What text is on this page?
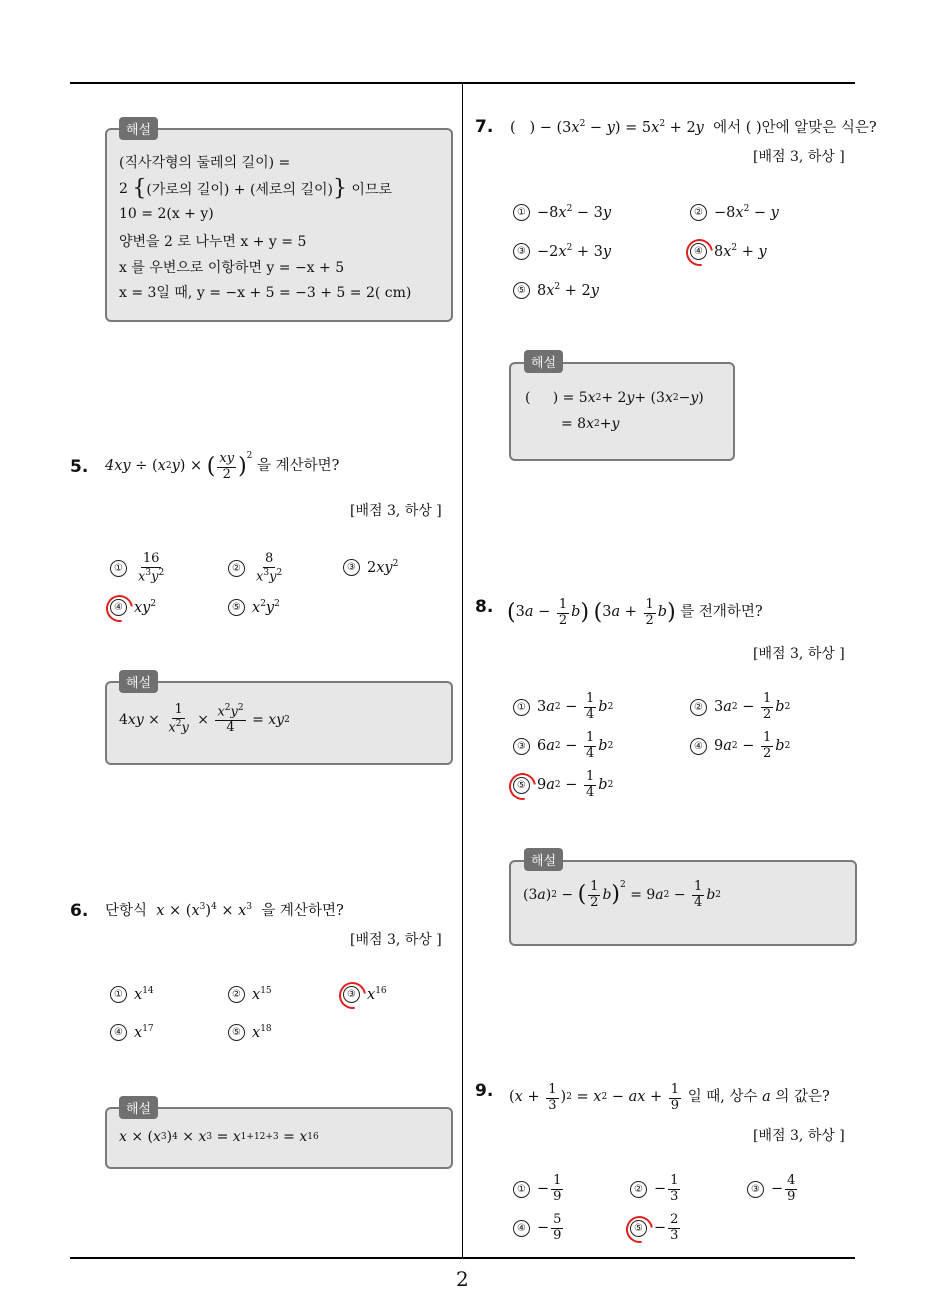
(직사각형의 둘레의 길이) =
2 { (가로의 길이) + (세로의 길이) } 이므로
10 = 2(x + y)
양변을 2 로 나누면 x + y = 5
x 를 우변으로 이항하면 y = −x + 5
x = 3일 때, y = −x + 5 = −3 + 5 = 2( cm)
해설
5. 4xy ÷ ( x 2 y ) × ( $\frac{xy}{2} )^2$

을 계산하면?
[배점 3, 하상 ]
①	$\frac{16}{x^3y^2}$	②	$\frac{8}{x^3y^2}$	③ $2xy^2$
④ $xy^2$	⑤ $x^2y^2$
4 xy × $\frac{1}{x^2y} \times \frac{x^2y^2}{4}$ = xy 2
해설
6. 단항식 $x \times (x^3)^4 \times x^3$ 을 계산하면?
[배점 3, 하상 ]
① $x^{14}$	② $x^{15}$	③ $x^{16}$
④ $x^{17}$	⑤ $x^{18}$
x × ( x 3 ) 4 × x 3 = x 1+12+3 = x 16
해설
7. (   ) − $(3x^2 - y) = 5x^2 + 2y$ 에서 ( )안에 알맞은 식은?
[배점 3, 하상 ]
① $-8x^2 - 3y$	② $-8x^2 - y$
③ $-2x^2 + 3y$	④ $8x^2 + y$
⑤ $8x^2 + 2y$
(     ) = 5 x 2 + 2 y + (3 x 2 − y )
= 8 x 2 + y
해설
8. ( 3 $a - \frac{1}{2}$ b )
( 3 $a + \frac{1}{2}$ b )
를 전개하면?
[배점 3, 하상 ]
① 3 a $2 - \frac{1}{4}$ b 2	② 3 a $2 - \frac{1}{2}$ b 2
③ 6 a $2 - \frac{1}{4}$ b 2	④ 9 a $2 - \frac{1}{2}$ b 2
⑤ 9 a $2 - \frac{1}{4}$ b 2
(3 a ) 2 − ( $\frac{1}{2}$ b )$^2$
= 9 a $2 - \frac{1}{4}$ b 2
해설
9. ( $x + \frac{1}{3}$ ) 2 = x 2 − ax + $\frac{1}{9}$
일 때, 상수
a
의 값은?
[배점 3, 하상 ]
① − $\frac{1}{9}$	② − $\frac{1}{3}$	③ − $\frac{4}{9}$
④ − $\frac{5}{9}$	⑤ − $\frac{2}{3}$
2
